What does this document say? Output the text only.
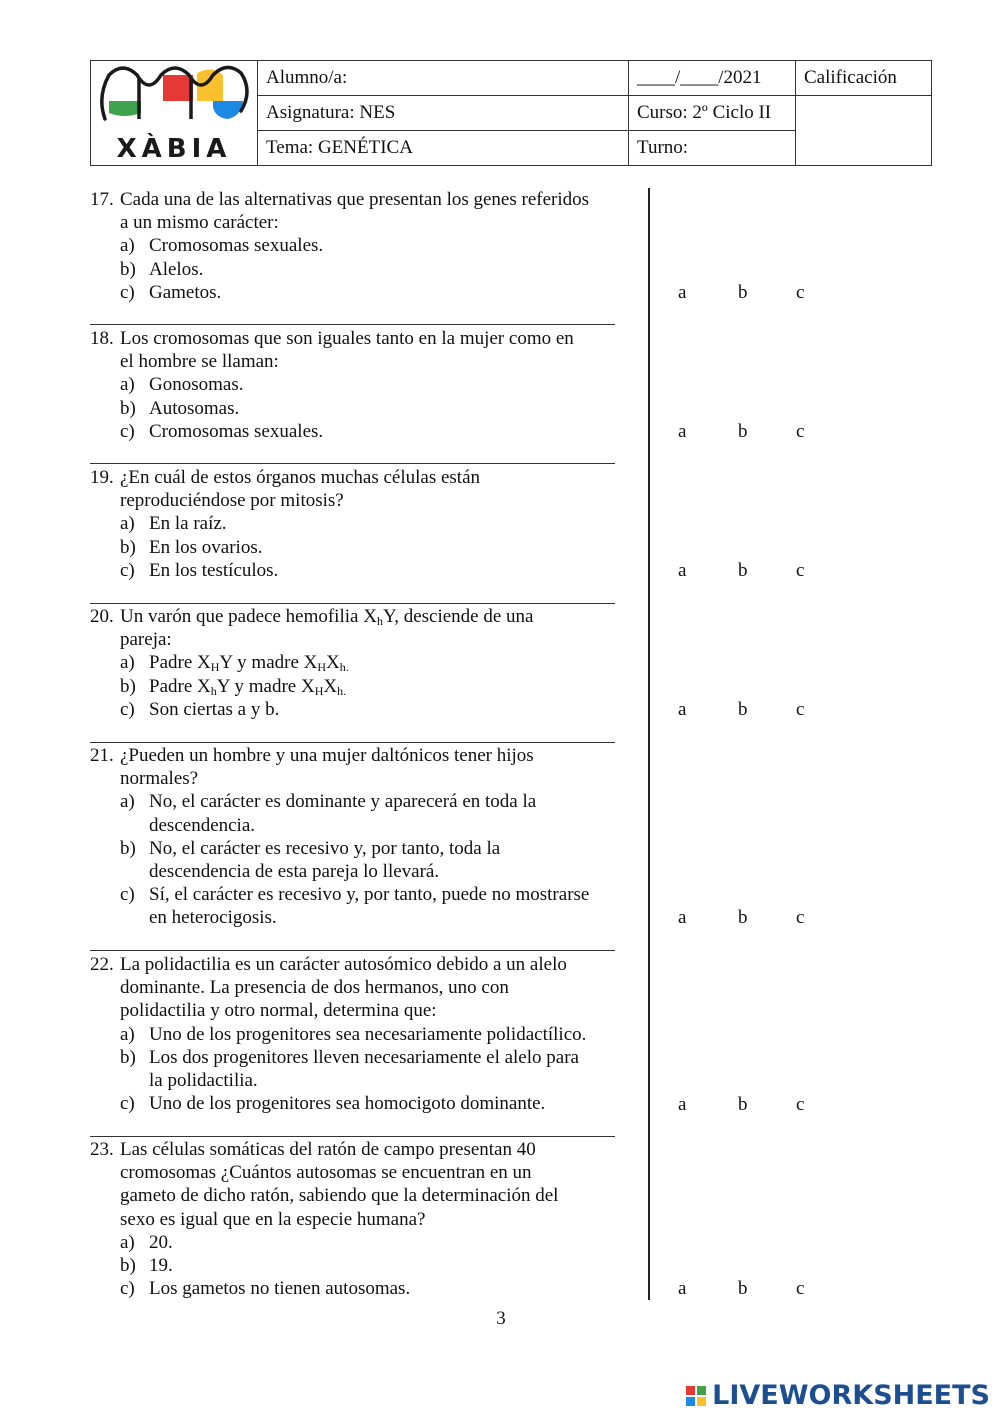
XÀBIA	Alumno/a:	____/____/2021	Calificación
	Asignatura: NES	Curso: 2º Ciclo II	
	Tema: GENÉTICA	Turno:	
17. Cada una de las alternativas que presentan los genes referidos
a un mismo carácter:
a) Cromosomas sexuales.
b) Alelos.
c) Gametos.	a	b	c
18. Los cromosomas que son iguales tanto en la mujer como en
el hombre se llaman:
a) Gonosomas.
b) Autosomas.
c) Cromosomas sexuales.	a	b	c
19. ¿En cuál de estos órganos muchas células están
reproduciéndose por mitosis?
a) En la raíz.
b) En los ovarios.
c) En los testículos.	a	b	c
20. Un varón que padece hemofilia $X_hY$, desciende de una
pareja:
a) Padre $X_HY$ y madre $X_HX_{h.}$
b) Padre $X_hY$ y madre $X_HX_{h.}$
c) Son ciertas a y b.	a	b	c
21. ¿Pueden un hombre y una mujer daltónicos tener hijos
normales?
a) No, el carácter es dominante y aparecerá en toda la
descendencia.
b) No, el carácter es recesivo y, por tanto, toda la
descendencia de esta pareja lo llevará.
c) Sí, el carácter es recesivo y, por tanto, puede no mostrarse
en heterocigosis.	a	b	c
22. La polidactilia es un carácter autosómico debido a un alelo
dominante. La presencia de dos hermanos, uno con
polidactilia y otro normal, determina que:
a) Uno de los progenitores sea necesariamente polidactílico.
b) Los dos progenitores lleven necesariamente el alelo para
la polidactilia.
c) Uno de los progenitores sea homocigoto dominante.	a	b	c
23. Las células somáticas del ratón de campo presentan 40
cromosomas ¿Cuántos autosomas se encuentran en un
gameto de dicho ratón, sabiendo que la determinación del
sexo es igual que en la especie humana?
a) 20.
b) 19.
c) Los gametos no tienen autosomas.	a	b	c
3
LIVEWORKSHEETS
